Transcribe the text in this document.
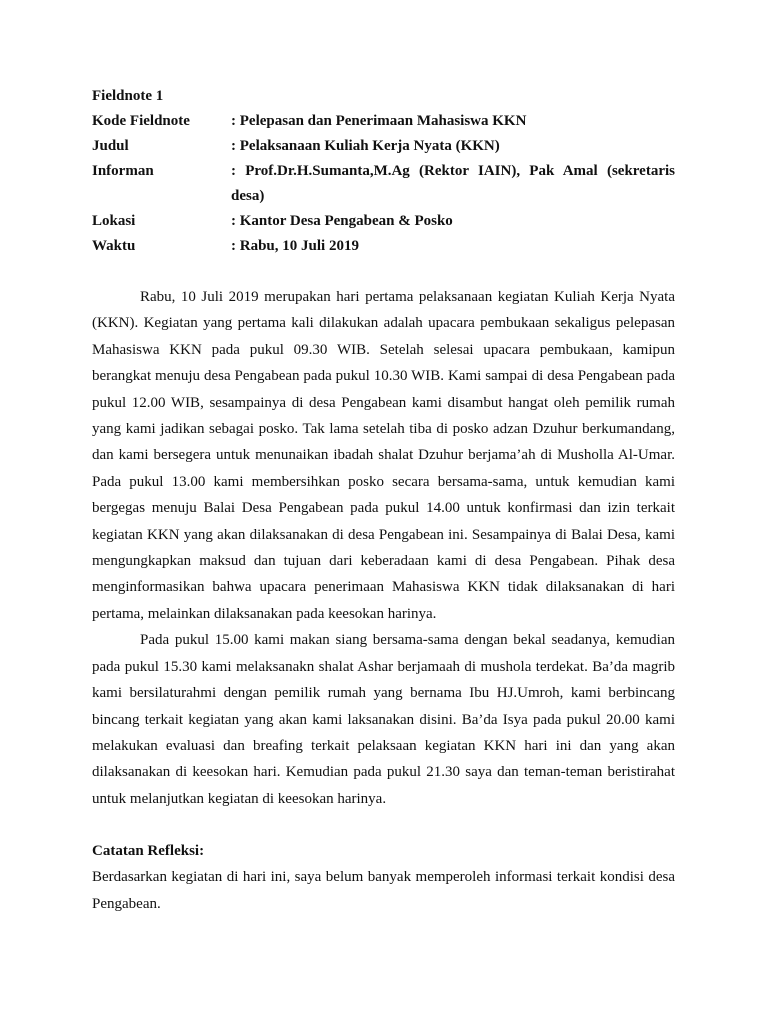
Fieldnote 1
Kode Fieldnote	: Pelepasan dan Penerimaan Mahasiswa KKN
Judul	: Pelaksanaan Kuliah Kerja Nyata (KKN)
Informan	: Prof.Dr.H.Sumanta,M.Ag (Rektor IAIN), Pak Amal (sekretaris desa)
Lokasi	: Kantor Desa Pengabean & Posko
Waktu	: Rabu, 10 Juli 2019

Rabu, 10 Juli 2019 merupakan hari pertama pelaksanaan kegiatan Kuliah Kerja Nyata (KKN). Kegiatan yang pertama kali dilakukan adalah upacara pembukaan sekaligus pelepasan Mahasiswa KKN pada pukul 09.30 WIB. Setelah selesai upacara pembukaan, kamipun berangkat menuju desa Pengabean pada pukul 10.30 WIB. Kami sampai di desa Pengabean pada pukul 12.00 WIB, sesampainya di desa Pengabean kami disambut hangat oleh pemilik rumah yang kami jadikan sebagai posko. Tak lama setelah tiba di posko adzan Dzuhur berkumandang, dan kami bersegera untuk menunaikan ibadah shalat Dzuhur berjama’ah di Musholla Al-Umar. Pada pukul 13.00 kami membersihkan posko secara bersama-sama, untuk kemudian kami bergegas menuju Balai Desa Pengabean pada pukul 14.00 untuk konfirmasi dan izin terkait kegiatan KKN yang akan dilaksanakan di desa Pengabean ini. Sesampainya di Balai Desa, kami mengungkapkan maksud dan tujuan dari keberadaan kami di desa Pengabean. Pihak desa menginformasikan bahwa upacara penerimaan Mahasiswa KKN tidak dilaksanakan di hari pertama, melainkan dilaksanakan pada keesokan harinya.

Pada pukul 15.00 kami makan siang bersama-sama dengan bekal seadanya, kemudian pada pukul 15.30 kami melaksanakn shalat Ashar berjamaah di mushola terdekat. Ba’da magrib kami bersilaturahmi dengan pemilik rumah yang bernama Ibu HJ.Umroh, kami berbincang bincang terkait kegiatan yang akan kami laksanakan disini. Ba’da Isya pada pukul 20.00 kami melakukan evaluasi dan breafing terkait pelaksaan kegiatan KKN hari ini dan yang akan dilaksanakan di keesokan hari. Kemudian pada pukul 21.30 saya dan teman-teman beristirahat untuk melanjutkan kegiatan di keesokan harinya.

Catatan Refleksi:

Berdasarkan kegiatan di hari ini, saya belum banyak memperoleh informasi terkait kondisi desa Pengabean.
